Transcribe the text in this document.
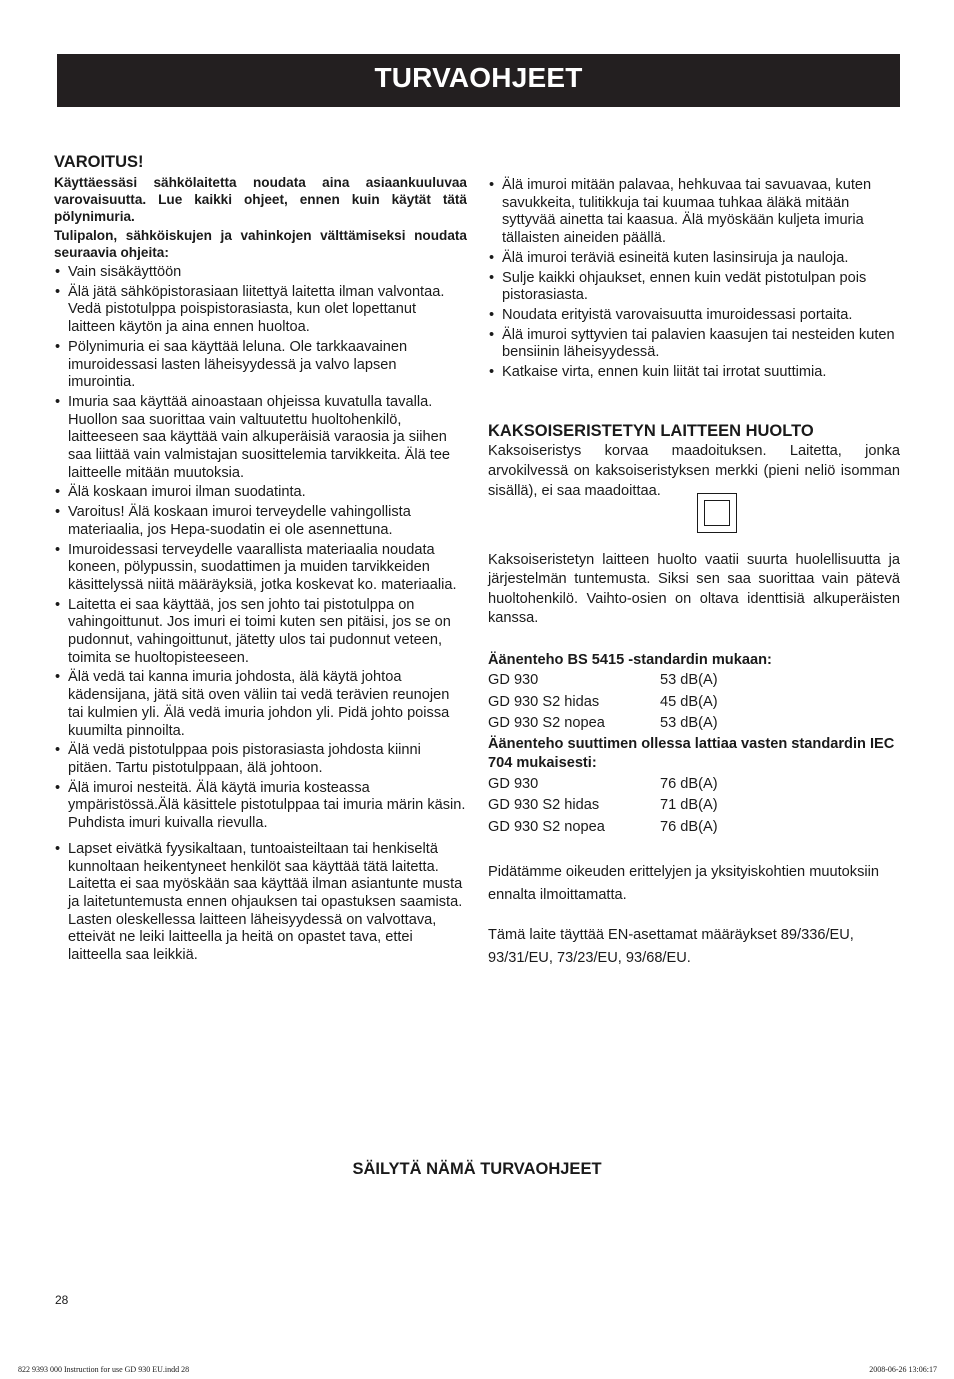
TURVAOHJEET
VAROITUS!

Käyttäessäsi sähkölaitetta noudata aina asiaankuuluvaa varovaisuutta. Lue kaikki ohjeet, ennen kuin käytät tätä pölynimuria.

Tulipalon, sähköiskujen ja vahinkojen välttämiseksi noudata seuraavia ohjeita:

• Vain sisäkäyttöön
• Älä jätä sähköpistorasiaan liitettyä laitetta ilman valvontaa. Vedä pistotulppa poispistorasiasta, kun olet lopettanut laitteen käytön ja aina ennen huoltoa.
• Pölynimuria ei saa käyttää leluna. Ole tarkkaavainen imuroidessasi lasten läheisyydessä ja valvo lapsen imurointia.
• Imuria saa käyttää ainoastaan ohjeissa kuvatulla tavalla. Huollon saa suorittaa vain valtuutettu huoltohenkilö, laitteeseen saa käyttää vain alkuperäisiä varaosia ja siihen saa liittää vain valmistajan suosittelemia tarvikkeita. Älä tee laitteelle mitään muutoksia.
• Älä koskaan imuroi ilman suodatinta.
• Varoitus! Älä koskaan imuroi terveydelle vahingollista materiaalia, jos Hepa-suodatin ei ole asennettuna.
• Imuroidessasi terveydelle vaarallista materiaalia noudata koneen, pölypussin, suodattimen ja muiden tarvikkeiden käsittelyssä niitä määräyksiä, jotka koskevat ko. materiaalia.
• Laitetta ei saa käyttää, jos sen johto tai pistotulppa on vahingoittunut. Jos imuri ei toimi kuten sen pitäisi, jos se on pudonnut, vahingoittunut, jätetty ulos tai pudonnut veteen, toimita se huoltopisteeseen.
• Älä vedä tai kanna imuria johdosta, älä käytä johtoa kädensijana, jätä sitä oven väliin tai vedä terävien reunojen tai kulmien yli. Älä vedä imuria johdon yli. Pidä johto poissa kuumilta pinnoilta.
• Älä vedä pistotulppaa pois pistorasiasta johdosta kiinni pitäen. Tartu pistotulppaan, älä johtoon.
• Älä imuroi nesteitä. Älä käytä imuria kosteassa ympäristössä.Älä käsittele pistotulppaa tai imuria märin käsin. Puhdista imuri kuivalla rievulla.
• Lapset eivätkä fyysikaltaan, tuntoaisteiltaan tai henkiseltä kunnoltaan heikentyneet henkilöt saa käyttää tätä laitetta. Laitetta ei saa myöskään saa käyttää ilman asiantunte musta ja laitetuntemusta ennen ohjauksen tai opastuksen saamista. Lasten oleskellessa laitteen läheisyydessä on valvottava, etteivät ne leiki laitteella ja heitä on opastet tava, ettei laitteella saa leikkiä.
• Älä imuroi mitään palavaa, hehkuvaa tai savuavaa, kuten savukkeita, tulitikkuja tai kuumaa tuhkaa äläkä mitään syttyvää ainetta tai kaasua. Älä myöskään kuljeta imuria tällaisten aineiden päällä.
• Älä imuroi teräviä esineitä kuten lasinsiruja ja nauloja.
• Sulje kaikki ohjaukset, ennen kuin vedät pistotulpan pois pistorasiasta.
• Noudata erityistä varovaisuutta imuroidessasi portaita.
• Älä imuroi syttyvien tai palavien kaasujen tai nesteiden kuten bensiinin läheisyydessä.
• Katkaise virta, ennen kuin liität tai irrotat suuttimia.
KAKSOISERISTETYN LAITTEEN HUOLTO

Kaksoiseristys korvaa maadoituksen. Laitetta, jonka arvokilvessä on kaksoiseristyksen merkki (pieni neliö isomman sisällä), ei saa maadoittaa.

Kaksoiseristetyn laitteen huolto vaatii suurta huolellisuutta ja järjestelmän tuntemusta. Siksi sen saa suorittaa vain pätevä huoltohenkilö. Vaihto-osien on oltava identtisiä alkuperäisten kanssa.

Äänenteho BS 5415 -standardin mukaan:

GD 930	53 dB(A)
GD 930 S2 hidas	45 dB(A)
GD 930 S2 nopea	53 dB(A)

Äänenteho suuttimen ollessa lattiaa vasten standardin IEC 704 mukaisesti:

GD 930	76 dB(A)
GD 930 S2 hidas	71 dB(A)
GD 930 S2 nopea	76 dB(A)

Pidätämme oikeuden erittelyjen ja yksityiskohtien muutoksiin ennalta ilmoittamatta.

Tämä laite täyttää EN-asettamat määräykset 89/336/EU, 93/31/EU, 73/23/EU, 93/68/EU.

SÄILYTÄ NÄMÄ TURVAOHJEET
28
822 9393 000 Instruction for use GD 930 EU.indd 28	2008-06-26 13:06:17
